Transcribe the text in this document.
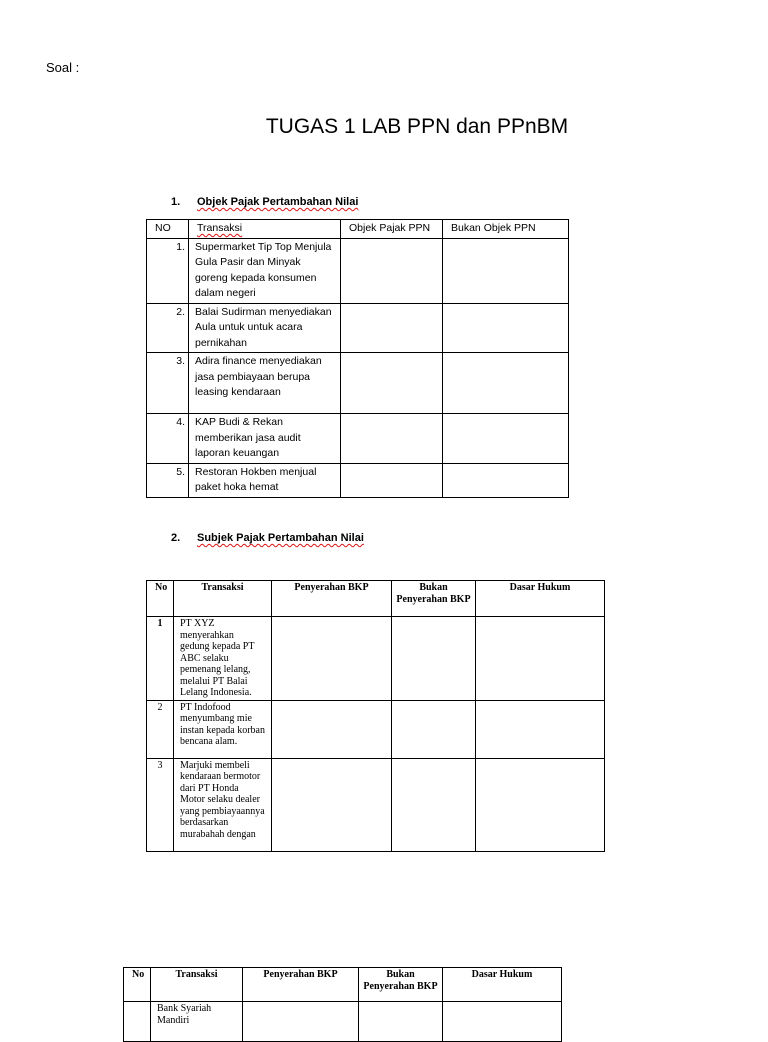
Soal :
TUGAS 1 LAB PPN dan PPnBM
1. Objek Pajak Pertambahan Nilai
NO	Transaksi	Objek Pajak PPN	Bukan Objek PPN
1.	Supermarket Tip Top Menjula Gula Pasir dan Minyak goreng kepada konsumen dalam negeri		
2.	Balai Sudirman menyediakan Aula untuk untuk acara pernikahan		
3.	Adira finance menyediakan jasa pembiayaan berupa leasing kendaraan		
4.	KAP Budi & Rekan memberikan jasa audit laporan keuangan		
5.	Restoran Hokben menjual paket hoka hemat		
2. Subjek Pajak Pertambahan Nilai
No	Transaksi	Penyerahan BKP	Bukan Penyerahan BKP	Dasar Hukum
1	PT XYZ menyerahkan gedung kepada PT ABC selaku pemenang lelang, melalui PT Balai Lelang Indonesia.			
2	PT Indofood menyumbang mie instan kepada korban bencana alam.			
3	Marjuki membeli kendaraan bermotor dari PT Honda Motor selaku dealer yang pembiayaannya berdasarkan murabahah dengan			
No	Transaksi	Penyerahan BKP	Bukan Penyerahan BKP	Dasar Hukum
	Bank Syariah Mandiri			
